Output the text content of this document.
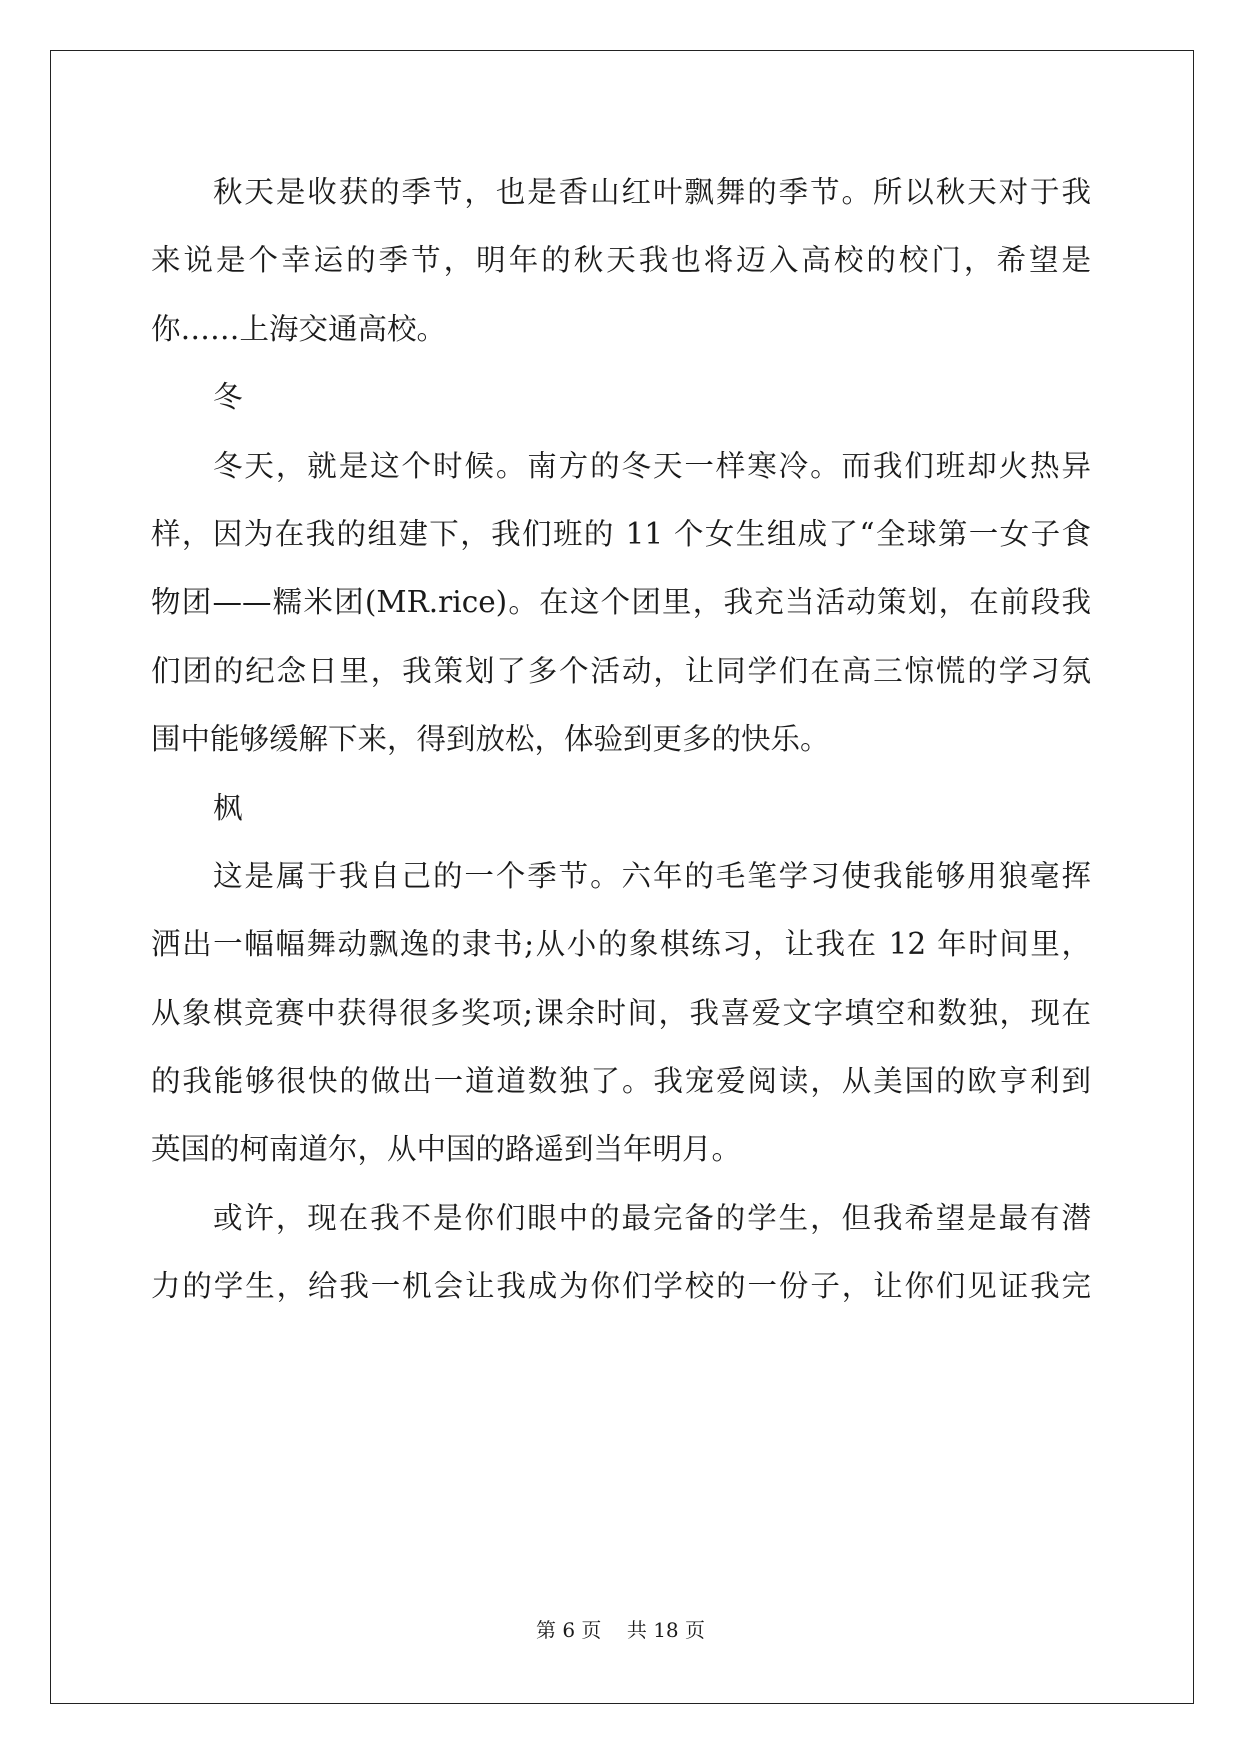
秋天是收获的季节，也是香山红叶飘舞的季节。所以秋天对于我
来说是个幸运的季节，明年的秋天我也将迈入高校的校门，希望是
你……上海交通高校。
冬
冬天，就是这个时候。南方的冬天一样寒冷。而我们班却火热异
样，因为在我的组建下，我们班的 11 个女生组成了“全球第一女子食
物团——糯米团(MR.rice)。在这个团里，我充当活动策划，在前段我
们团的纪念日里，我策划了多个活动，让同学们在高三惊慌的学习氛
围中能够缓解下来，得到放松，体验到更多的快乐。
枫
这是属于我自己的一个季节。六年的毛笔学习使我能够用狼毫挥
洒出一幅幅舞动飘逸的隶书;从小的象棋练习，让我在 12 年时间里，
从象棋竞赛中获得很多奖项;课余时间，我喜爱文字填空和数独，现在
的我能够很快的做出一道道数独了。我宠爱阅读，从美国的欧亨利到
英国的柯南道尔，从中国的路遥到当年明月。
或许，现在我不是你们眼中的最完备的学生，但我希望是最有潜
力的学生，给我一机会让我成为你们学校的一份子，让你们见证我完
第 6 页    共 18 页
